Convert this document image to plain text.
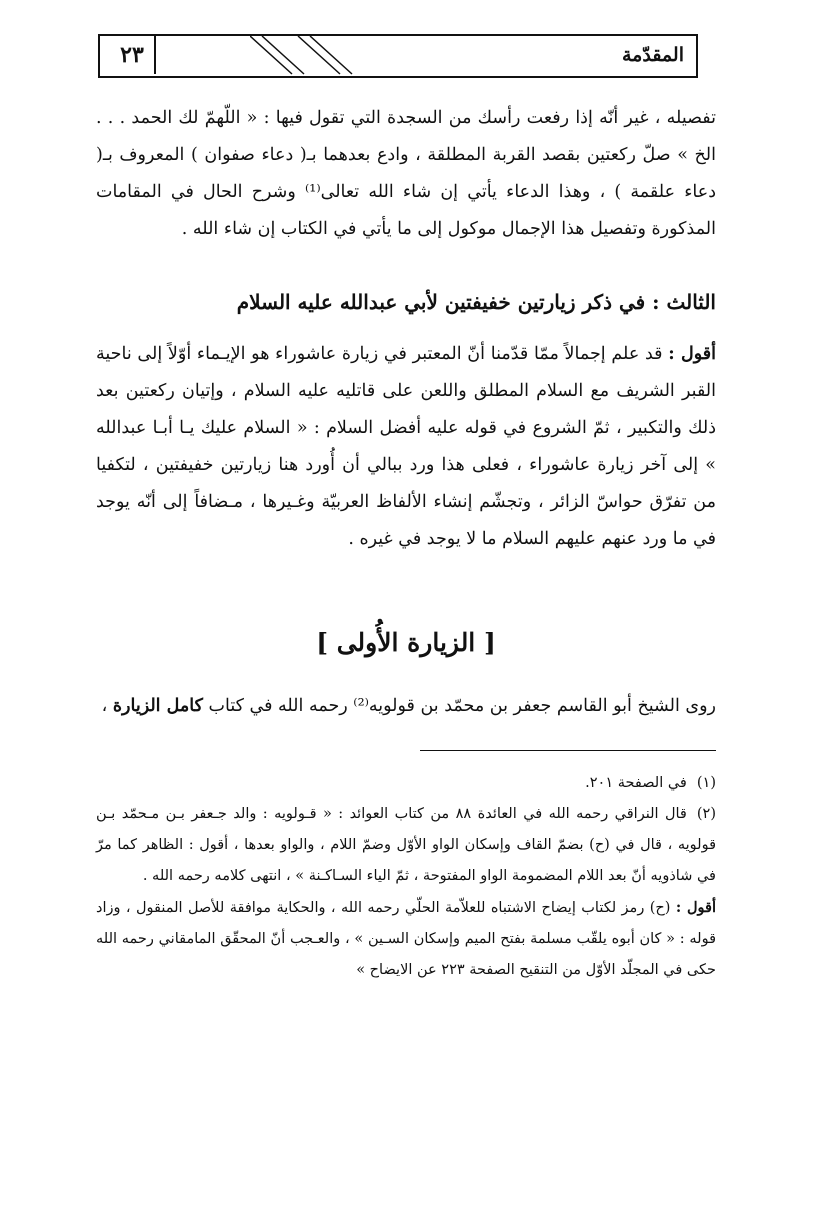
٢٣	المقدّمة

تفصيله ، غير أنّه إذا رفعت رأسك من السجدة التي تقول فيها : « اللّهمّ لك الحمد . . . الخ » صلّ ركعتين بقصد القربة المطلقة ، وادع بعدهما بـ( دعاء صفوان ) المعروف بـ( دعاء علقمة ) ، وهذا الدعاء يأتي إن شاء الله تعالى⁽¹⁾ وشرح الحال في المقامات المذكورة وتفصيل هذا الإجمال موكول إلى ما يأتي في الكتاب إن شاء الله .

الثالث : في ذكر زيارتين خفيفتين لأبي عبدالله عليه السلام

أقول : قد علم إجمالاً ممّا قدّمنا أنّ المعتبر في زيارة عاشوراء هو الإيـماء أوّلاً إلى ناحية القبر الشريف مع السلام المطلق واللعن على قاتليه عليه السلام ، وإتيان ركعتين بعد ذلك والتكبير ، ثمّ الشروع في قوله عليه أفضل السلام : « السلام عليك يـا أبـا عبدالله » إلى آخر زيارة عاشوراء ، فعلى هذا ورد ببالي أن أُورد هنا زيارتين خفيفتين ، لتكفيا من تفرّق حواسّ الزائر ، وتجشّم إنشاء الألفاظ العربيّة وغـيرها ، مـضافاً إلى أنّه يوجد في ما ورد عنهم عليهم السلام ما لا يوجد في غيره .

[ الزيارة الأُولى ]

روى الشيخ أبو القاسم جعفر بن محمّد بن قولويه⁽²⁾ رحمه الله في كتاب كامل الزيارة ،

(١)في الصفحة ٢٠١.

(٢)قال النراقي رحمه الله في العائدة ٨٨ من كتاب العوائد : « قـولويه : والد جـعفر بـن مـحمّد بـن قولويه ، قال في (ح) بضمّ القاف وإسكان الواو الأوّل وضمّ اللام ، والواو بعدها ، أقول : الظاهر كما مرّ في شاذويه أنّ بعد اللام المضمومة الواو المفتوحة ، ثمّ الياء السـاكـنة » ، انتهى كلامه رحمه الله .

أقول : (ح) رمز لكتاب إيضاح الاشتباه للعلاّمة الحلّي رحمه الله ، والحكاية موافقة للأصل المنقول ، وزاد قوله : « كان أبوه يلقّب مسلمة بفتح الميم وإسكان السـين » ، والعـجب أنّ المحقّق المامقاني رحمه الله حكى في المجلّد الأوّل من التنقيح الصفحة ٢٢٣ عن الايضاح »
